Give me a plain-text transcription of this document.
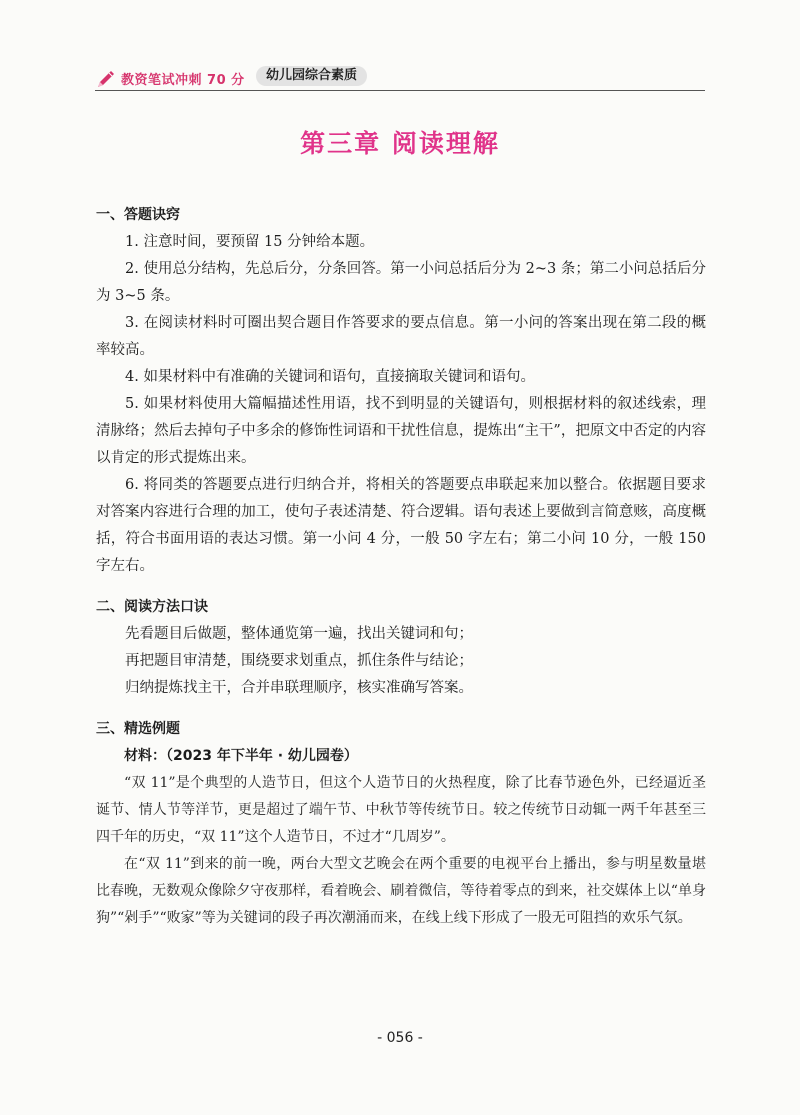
教资笔试冲刺 70 分	幼儿园综合素质
第三章 阅读理解

一、答题诀窍

1. 注意时间，要预留 15 分钟给本题。

2. 使用总分结构，先总后分，分条回答。第一小问总括后分为 2~3 条；第二小问总括后分为 3~5 条。

3. 在阅读材料时可圈出契合题目作答要求的要点信息。第一小问的答案出现在第二段的概率较高。

4. 如果材料中有准确的关键词和语句，直接摘取关键词和语句。

5. 如果材料使用大篇幅描述性用语，找不到明显的关键语句，则根据材料的叙述线索，理清脉络；然后去掉句子中多余的修饰性词语和干扰性信息，提炼出“主干”，把原文中否定的内容以肯定的形式提炼出来。

6. 将同类的答题要点进行归纳合并，将相关的答题要点串联起来加以整合。依据题目要求对答案内容进行合理的加工，使句子表述清楚、符合逻辑。语句表述上要做到言简意赅，高度概括，符合书面用语的表达习惯。第一小问 4 分，一般 50 字左右；第二小问 10 分，一般 150 字左右。

二、阅读方法口诀

先看题目后做题，整体通览第一遍，找出关键词和句；

再把题目审清楚，围绕要求划重点，抓住条件与结论；

归纳提炼找主干，合并串联理顺序，核实准确写答案。

三、精选例题

材料：（2023 年下半年 · 幼儿园卷）

“双 11”是个典型的人造节日，但这个人造节日的火热程度，除了比春节逊色外，已经逼近圣诞节、情人节等洋节，更是超过了端午节、中秋节等传统节日。较之传统节日动辄一两千年甚至三四千年的历史，“双 11”这个人造节日，不过才“几周岁”。

在“双 11”到来的前一晚，两台大型文艺晚会在两个重要的电视平台上播出，参与明星数量堪比春晚，无数观众像除夕守夜那样，看着晚会、刷着微信，等待着零点的到来，社交媒体上以“单身狗”“剁手”“败家”等为关键词的段子再次潮涌而来，在线上线下形成了一股无可阻挡的欢乐气氛。

- 056 -
